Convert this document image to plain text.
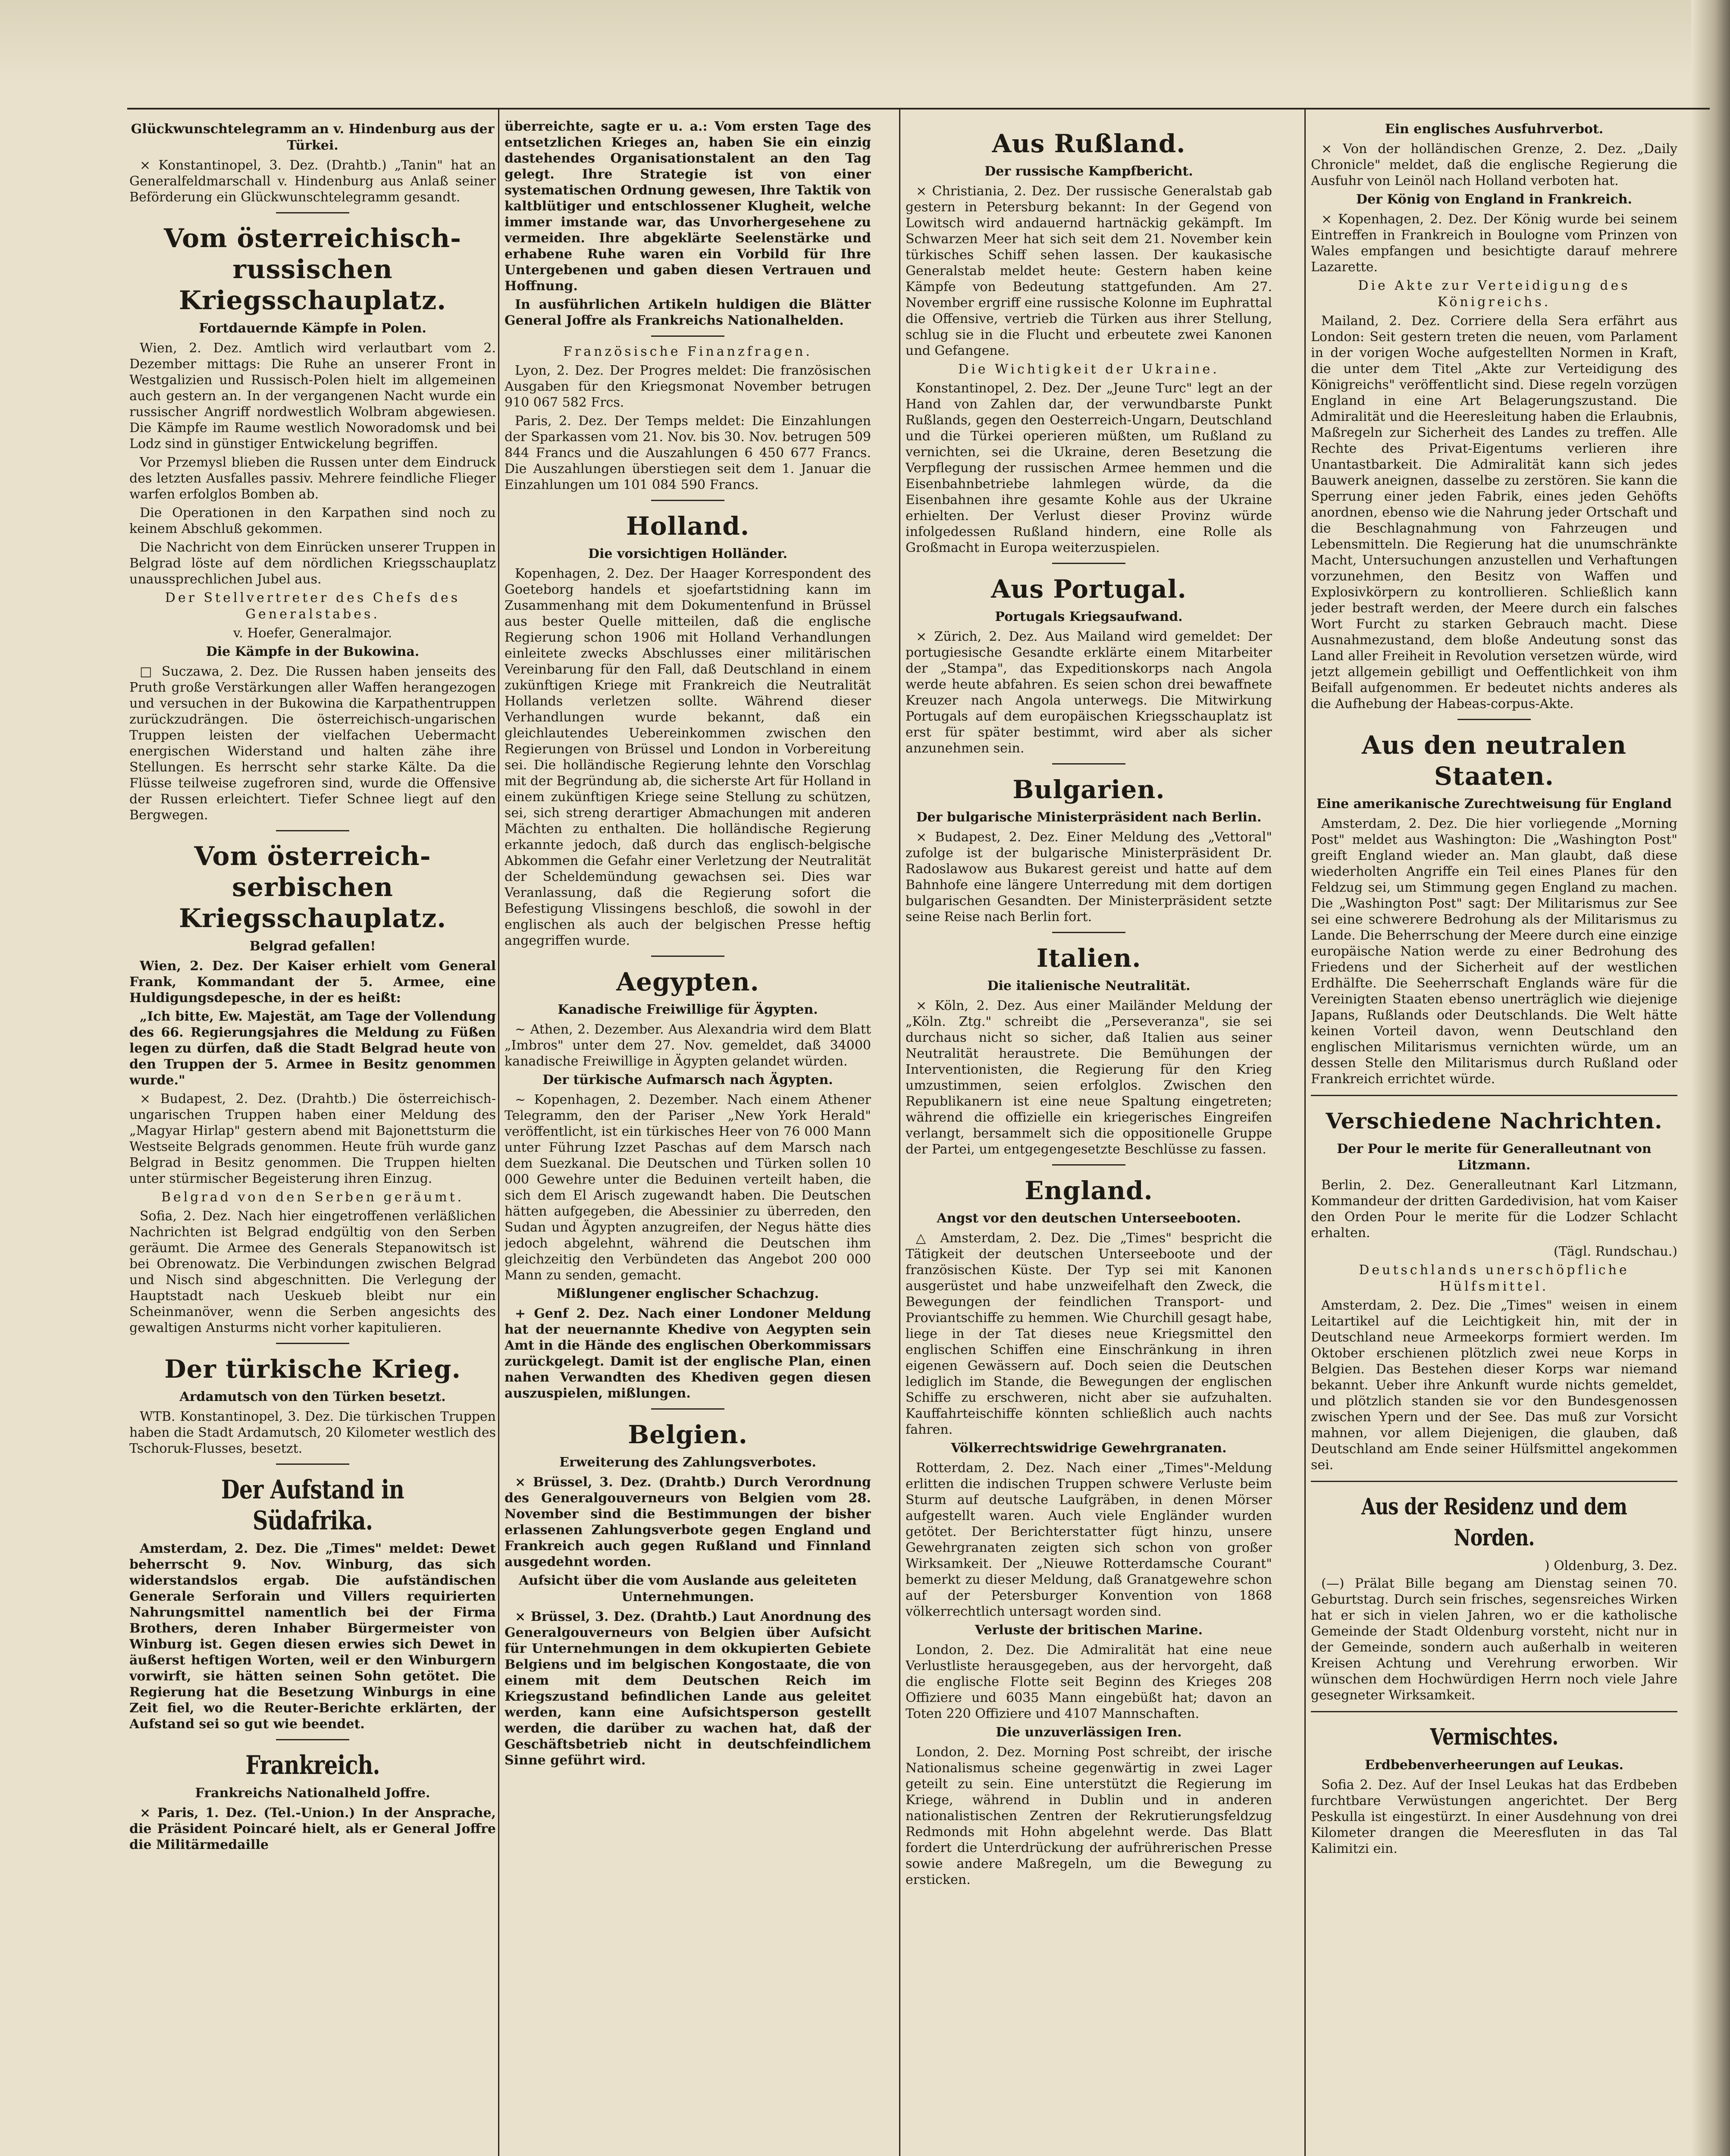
Glückwunschtelegramm an v. Hindenburg aus der Türkei.

× Konstantinopel, 3. Dez. (Drahtb.) „Tanin" hat an Generalfeldmarschall v. Hindenburg aus Anlaß seiner Beförderung ein Glückwunschtelegramm gesandt.

Vom österreichisch-russischen Kriegsschauplatz.
Fortdauernde Kämpfe in Polen.

Wien, 2. Dez. Amtlich wird verlautbart vom 2. Dezember mittags: Die Ruhe an unserer Front in Westgalizien und Russisch-Polen hielt im allgemeinen auch gestern an. In der vergangenen Nacht wurde ein russischer Angriff nordwestlich Wolbram abgewiesen. Die Kämpfe im Raume westlich Noworadomsk und bei Lodz sind in günstiger Entwickelung begriffen.

Vor Przemysl blieben die Russen unter dem Eindruck des letzten Ausfalles passiv. Mehrere feindliche Flieger warfen erfolglos Bomben ab.

Die Operationen in den Karpathen sind noch zu keinem Abschluß gekommen.

Die Nachricht von dem Einrücken unserer Truppen in Belgrad löste auf dem nördlichen Kriegsschauplatz unaussprechlichen Jubel aus.

Der Stellvertreter des Chefs des Generalstabes.
v. Hoefer, Generalmajor.
Die Kämpfe in der Bukowina.

□ Suczawa, 2. Dez. Die Russen haben jenseits des Pruth große Verstärkungen aller Waffen herangezogen und versuchen in der Bukowina die Karpathentruppen zurückzudrängen. Die österreichisch-ungarischen Truppen leisten der vielfachen Uebermacht energischen Widerstand und halten zähe ihre Stellungen. Es herrscht sehr starke Kälte. Da die Flüsse teilweise zugefroren sind, wurde die Offensive der Russen erleichtert. Tiefer Schnee liegt auf den Bergwegen.

Vom österreich-serbischen Kriegsschauplatz.
Belgrad gefallen!

Wien, 2. Dez. Der Kaiser erhielt vom General Frank, Kommandant der 5. Armee, eine Huldigungsdepesche, in der es heißt:

„Ich bitte, Ew. Majestät, am Tage der Vollendung des 66. Regierungsjahres die Meldung zu Füßen legen zu dürfen, daß die Stadt Belgrad heute von den Truppen der 5. Armee in Besitz genommen wurde."

× Budapest, 2. Dez. (Drahtb.) Die österreichisch-ungarischen Truppen haben einer Meldung des „Magyar Hirlap" gestern abend mit Bajonettsturm die Westseite Belgrads genommen. Heute früh wurde ganz Belgrad in Besitz genommen. Die Truppen hielten unter stürmischer Begeisterung ihren Einzug.

Belgrad von den Serben geräumt.

Sofia, 2. Dez. Nach hier eingetroffenen verläßlichen Nachrichten ist Belgrad endgültig von den Serben geräumt. Die Armee des Generals Stepanowitsch ist bei Obrenowatz. Die Verbindungen zwischen Belgrad und Nisch sind abgeschnitten. Die Verlegung der Hauptstadt nach Ueskueb bleibt nur ein Scheinmanöver, wenn die Serben angesichts des gewaltigen Ansturms nicht vorher kapitulieren.

Der türkische Krieg.
Ardamutsch von den Türken besetzt.

WTB. Konstantinopel, 3. Dez. Die türkischen Truppen haben die Stadt Ardamutsch, 20 Kilometer westlich des Tschoruk-Flusses, besetzt.

Der Aufstand in Südafrika.

Amsterdam, 2. Dez. Die „Times" meldet: Dewet beherrscht 9. Nov. Winburg, das sich widerstandslos ergab. Die aufständischen Generale Serforain und Villers requirierten Nahrungsmittel namentlich bei der Firma Brothers, deren Inhaber Bürgermeister von Winburg ist. Gegen diesen erwies sich Dewet in äußerst heftigen Worten, weil er den Winburgern vorwirft, sie hätten seinen Sohn getötet. Die Regierung hat die Besetzung Winburgs in eine Zeit fiel, wo die Reuter-Berichte erklärten, der Aufstand sei so gut wie beendet.

Frankreich.
Frankreichs Nationalheld Joffre.

× Paris, 1. Dez. (Tel.-Union.) In der Ansprache, die Präsident Poincaré hielt, als er General Joffre die Militärmedaille

überreichte, sagte er u. a.: Vom ersten Tage des entsetzlichen Krieges an, haben Sie ein einzig dastehendes Organisationstalent an den Tag gelegt. Ihre Strategie ist von einer systematischen Ordnung gewesen, Ihre Taktik von kaltblütiger und entschlossener Klugheit, welche immer imstande war, das Unvorhergesehene zu vermeiden. Ihre abgeklärte Seelenstärke und erhabene Ruhe waren ein Vorbild für Ihre Untergebenen und gaben diesen Vertrauen und Hoffnung.

In ausführlichen Artikeln huldigen die Blätter General Joffre als Frankreichs Nationalhelden.

Französische Finanzfragen.

Lyon, 2. Dez. Der Progres meldet: Die französischen Ausgaben für den Kriegsmonat November betrugen 910 067 582 Frcs.

Paris, 2. Dez. Der Temps meldet: Die Einzahlungen der Sparkassen vom 21. Nov. bis 30. Nov. betrugen 509 844 Francs und die Auszahlungen 6 450 677 Francs. Die Auszahlungen überstiegen seit dem 1. Januar die Einzahlungen um 101 084 590 Francs.

Holland.
Die vorsichtigen Holländer.

Kopenhagen, 2. Dez. Der Haager Korrespondent des Goeteborg handels et sjoefartstidning kann im Zusammenhang mit dem Dokumentenfund in Brüssel aus bester Quelle mitteilen, daß die englische Regierung schon 1906 mit Holland Verhandlungen einleitete zwecks Abschlusses einer militärischen Vereinbarung für den Fall, daß Deutschland in einem zukünftigen Kriege mit Frankreich die Neutralität Hollands verletzen sollte. Während dieser Verhandlungen wurde bekannt, daß ein gleichlautendes Uebereinkommen zwischen den Regierungen von Brüssel und London in Vorbereitung sei. Die holländische Regierung lehnte den Vorschlag mit der Begründung ab, die sicherste Art für Holland in einem zukünftigen Kriege seine Stellung zu schützen, sei, sich streng derartiger Abmachungen mit anderen Mächten zu enthalten. Die holländische Regierung erkannte jedoch, daß durch das englisch-belgische Abkommen die Gefahr einer Verletzung der Neutralität der Scheldemündung gewachsen sei. Dies war Veranlassung, daß die Regierung sofort die Befestigung Vlissingens beschloß, die sowohl in der englischen als auch der belgischen Presse heftig angegriffen wurde.

Aegypten.
Kanadische Freiwillige für Ägypten.

~ Athen, 2. Dezember. Aus Alexandria wird dem Blatt „Imbros" unter dem 27. Nov. gemeldet, daß 34000 kanadische Freiwillige in Ägypten gelandet würden.

Der türkische Aufmarsch nach Ägypten.

~ Kopenhagen, 2. Dezember. Nach einem Athener Telegramm, den der Pariser „New York Herald" veröffentlicht, ist ein türkisches Heer von 76 000 Mann unter Führung Izzet Paschas auf dem Marsch nach dem Suezkanal. Die Deutschen und Türken sollen 10 000 Gewehre unter die Beduinen verteilt haben, die sich dem El Arisch zugewandt haben. Die Deutschen hätten aufgegeben, die Abessinier zu überreden, den Sudan und Ägypten anzugreifen, der Negus hätte dies jedoch abgelehnt, während die Deutschen ihm gleichzeitig den Verbündeten das Angebot 200 000 Mann zu senden, gemacht.

Mißlungener englischer Schachzug.

+ Genf 2. Dez. Nach einer Londoner Meldung hat der neuernannte Khedive von Aegypten sein Amt in die Hände des englischen Oberkommissars zurückgelegt. Damit ist der englische Plan, einen nahen Verwandten des Khediven gegen diesen auszuspielen, mißlungen.

Belgien.
Erweiterung des Zahlungsverbotes.

× Brüssel, 3. Dez. (Drahtb.) Durch Verordnung des Generalgouverneurs von Belgien vom 28. November sind die Bestimmungen der bisher erlassenen Zahlungsverbote gegen England und Frankreich auch gegen Rußland und Finnland ausgedehnt worden.

Aufsicht über die vom Auslande aus geleiteten Unternehmungen.

× Brüssel, 3. Dez. (Drahtb.) Laut Anordnung des Generalgouverneurs von Belgien über Aufsicht für Unternehmungen in dem okkupierten Gebiete Belgiens und im belgischen Kongostaate, die von einem mit dem Deutschen Reich im Kriegszustand befindlichen Lande aus geleitet werden, kann eine Aufsichtsperson gestellt werden, die darüber zu wachen hat, daß der Geschäftsbetrieb nicht in deutschfeindlichem Sinne geführt wird.

Aus Rußland.
Der russische Kampfbericht.

× Christiania, 2. Dez. Der russische Generalstab gab gestern in Petersburg bekannt: In der Gegend von Lowitsch wird andauernd hartnäckig gekämpft. Im Schwarzen Meer hat sich seit dem 21. November kein türkisches Schiff sehen lassen. Der kaukasische Generalstab meldet heute: Gestern haben keine Kämpfe von Bedeutung stattgefunden. Am 27. November ergriff eine russische Kolonne im Euphrattal die Offensive, vertrieb die Türken aus ihrer Stellung, schlug sie in die Flucht und erbeutete zwei Kanonen und Gefangene.

Die Wichtigkeit der Ukraine.

Konstantinopel, 2. Dez. Der „Jeune Turc" legt an der Hand von Zahlen dar, der verwundbarste Punkt Rußlands, gegen den Oesterreich-Ungarn, Deutschland und die Türkei operieren müßten, um Rußland zu vernichten, sei die Ukraine, deren Besetzung die Verpflegung der russischen Armee hemmen und die Eisenbahnbetriebe lahmlegen würde, da die Eisenbahnen ihre gesamte Kohle aus der Ukraine erhielten. Der Verlust dieser Provinz würde infolgedessen Rußland hindern, eine Rolle als Großmacht in Europa weiterzuspielen.

Aus Portugal.
Portugals Kriegsaufwand.

× Zürich, 2. Dez. Aus Mailand wird gemeldet: Der portugiesische Gesandte erklärte einem Mitarbeiter der „Stampa", das Expeditionskorps nach Angola werde heute abfahren. Es seien schon drei bewaffnete Kreuzer nach Angola unterwegs. Die Mitwirkung Portugals auf dem europäischen Kriegsschauplatz ist erst für später bestimmt, wird aber als sicher anzunehmen sein.

Bulgarien.
Der bulgarische Ministerpräsident nach Berlin.

× Budapest, 2. Dez. Einer Meldung des „Vettoral" zufolge ist der bulgarische Ministerpräsident Dr. Radoslawow aus Bukarest gereist und hatte auf dem Bahnhofe eine längere Unterredung mit dem dortigen bulgarischen Gesandten. Der Ministerpräsident setzte seine Reise nach Berlin fort.

Italien.
Die italienische Neutralität.

× Köln, 2. Dez. Aus einer Mailänder Meldung der „Köln. Ztg." schreibt die „Perseveranza", sie sei durchaus nicht so sicher, daß Italien aus seiner Neutralität heraustrete. Die Bemühungen der Interventionisten, die Regierung für den Krieg umzustimmen, seien erfolglos. Zwischen den Republikanern ist eine neue Spaltung eingetreten; während die offizielle ein kriegerisches Eingreifen verlangt, bersammelt sich die oppositionelle Gruppe der Partei, um entgegengesetzte Beschlüsse zu fassen.

England.
Angst vor den deutschen Unterseebooten.

△ Amsterdam, 2. Dez. Die „Times" bespricht die Tätigkeit der deutschen Unterseeboote und der französischen Küste. Der Typ sei mit Kanonen ausgerüstet und habe unzweifelhaft den Zweck, die Bewegungen der feindlichen Transport- und Proviantschiffe zu hemmen. Wie Churchill gesagt habe, liege in der Tat dieses neue Kriegsmittel den englischen Schiffen eine Einschränkung in ihren eigenen Gewässern auf. Doch seien die Deutschen lediglich im Stande, die Bewegungen der englischen Schiffe zu erschweren, nicht aber sie aufzuhalten. Kauffahrteischiffe könnten schließlich auch nachts fahren.

Völkerrechtswidrige Gewehrgranaten.

Rotterdam, 2. Dez. Nach einer „Times"-Meldung erlitten die indischen Truppen schwere Verluste beim Sturm auf deutsche Laufgräben, in denen Mörser aufgestellt waren. Auch viele Engländer wurden getötet. Der Berichterstatter fügt hinzu, unsere Gewehrgranaten zeigten sich schon von großer Wirksamkeit. Der „Nieuwe Rotterdamsche Courant" bemerkt zu dieser Meldung, daß Granatgewehre schon auf der Petersburger Konvention von 1868 völkerrechtlich untersagt worden sind.

Verluste der britischen Marine.

London, 2. Dez. Die Admiralität hat eine neue Verlustliste herausgegeben, aus der hervorgeht, daß die englische Flotte seit Beginn des Krieges 208 Offiziere und 6035 Mann eingebüßt hat; davon an Toten 220 Offiziere und 4107 Mannschaften.

Die unzuverlässigen Iren.

London, 2. Dez. Morning Post schreibt, der irische Nationalismus scheine gegenwärtig in zwei Lager geteilt zu sein. Eine unterstützt die Regierung im Kriege, während in Dublin und in anderen nationalistischen Zentren der Rekrutierungsfeldzug Redmonds mit Hohn abgelehnt werde. Das Blatt fordert die Unterdrückung der aufrührerischen Presse sowie andere Maßregeln, um die Bewegung zu ersticken.

Ein englisches Ausfuhrverbot.

× Von der holländischen Grenze, 2. Dez. „Daily Chronicle" meldet, daß die englische Regierung die Ausfuhr von Leinöl nach Holland verboten hat.

Der König von England in Frankreich.

× Kopenhagen, 2. Dez. Der König wurde bei seinem Eintreffen in Frankreich in Boulogne vom Prinzen von Wales empfangen und besichtigte darauf mehrere Lazarette.

Die Akte zur Verteidigung des Königreichs.

Mailand, 2. Dez. Corriere della Sera erfährt aus London: Seit gestern treten die neuen, vom Parlament in der vorigen Woche aufgestellten Normen in Kraft, die unter dem Titel „Akte zur Verteidigung des Königreichs" veröffentlicht sind. Diese regeln vorzügen England in eine Art Belagerungszustand. Die Admiralität und die Heeresleitung haben die Erlaubnis, Maßregeln zur Sicherheit des Landes zu treffen. Alle Rechte des Privat-Eigentums verlieren ihre Unantastbarkeit. Die Admiralität kann sich jedes Bauwerk aneignen, dasselbe zu zerstören. Sie kann die Sperrung einer jeden Fabrik, eines jeden Gehöfts anordnen, ebenso wie die Nahrung jeder Ortschaft und die Beschlagnahmung von Fahrzeugen und Lebensmitteln. Die Regierung hat die unumschränkte Macht, Untersuchungen anzustellen und Verhaftungen vorzunehmen, den Besitz von Waffen und Explosivkörpern zu kontrollieren. Schließlich kann jeder bestraft werden, der Meere durch ein falsches Wort Furcht zu starken Gebrauch macht. Diese Ausnahmezustand, dem bloße Andeutung sonst das Land aller Freiheit in Revolution versetzen würde, wird jetzt allgemein gebilligt und Oeffentlichkeit von ihm Beifall aufgenommen. Er bedeutet nichts anderes als die Aufhebung der Habeas-corpus-Akte.

Aus den neutralen Staaten.
Eine amerikanische Zurechtweisung für England

Amsterdam, 2. Dez. Die hier vorliegende „Morning Post" meldet aus Washington: Die „Washington Post" greift England wieder an. Man glaubt, daß diese wiederholten Angriffe ein Teil eines Planes für den Feldzug sei, um Stimmung gegen England zu machen. Die „Washington Post" sagt: Der Militarismus zur See sei eine schwerere Bedrohung als der Militarismus zu Lande. Die Beherrschung der Meere durch eine einzige europäische Nation werde zu einer Bedrohung des Friedens und der Sicherheit auf der westlichen Erdhälfte. Die Seeherrschaft Englands wäre für die Vereinigten Staaten ebenso unerträglich wie diejenige Japans, Rußlands oder Deutschlands. Die Welt hätte keinen Vorteil davon, wenn Deutschland den englischen Militarismus vernichten würde, um an dessen Stelle den Militarismus durch Rußland oder Frankreich errichtet würde.

Verschiedene Nachrichten.
Der Pour le merite für Generalleutnant von Litzmann.

Berlin, 2. Dez. Generalleutnant Karl Litzmann, Kommandeur der dritten Gardedivision, hat vom Kaiser den Orden Pour le merite für die Lodzer Schlacht erhalten.

(Tägl. Rundschau.)
Deutschlands unerschöpfliche Hülfsmittel.

Amsterdam, 2. Dez. Die „Times" weisen in einem Leitartikel auf die Leichtigkeit hin, mit der in Deutschland neue Armeekorps formiert werden. Im Oktober erschienen plötzlich zwei neue Korps in Belgien. Das Bestehen dieser Korps war niemand bekannt. Ueber ihre Ankunft wurde nichts gemeldet, und plötzlich standen sie vor den Bundesgenossen zwischen Ypern und der See. Das muß zur Vorsicht mahnen, vor allem Diejenigen, die glauben, daß Deutschland am Ende seiner Hülfsmittel angekommen sei.

Aus der Residenz und dem Norden.
) Oldenburg, 3. Dez.

(—) Prälat Bille begang am Dienstag seinen 70. Geburtstag. Durch sein frisches, segensreiches Wirken hat er sich in vielen Jahren, wo er die katholische Gemeinde der Stadt Oldenburg vorsteht, nicht nur in der Gemeinde, sondern auch außerhalb in weiteren Kreisen Achtung und Verehrung erworben. Wir wünschen dem Hochwürdigen Herrn noch viele Jahre gesegneter Wirksamkeit.

Vermischtes.
Erdbebenverheerungen auf Leukas.

Sofia 2. Dez. Auf der Insel Leukas hat das Erdbeben furchtbare Verwüstungen angerichtet. Der Berg Peskulla ist eingestürzt. In einer Ausdehnung von drei Kilometer drangen die Meeresfluten in das Tal Kalimitzi ein.
